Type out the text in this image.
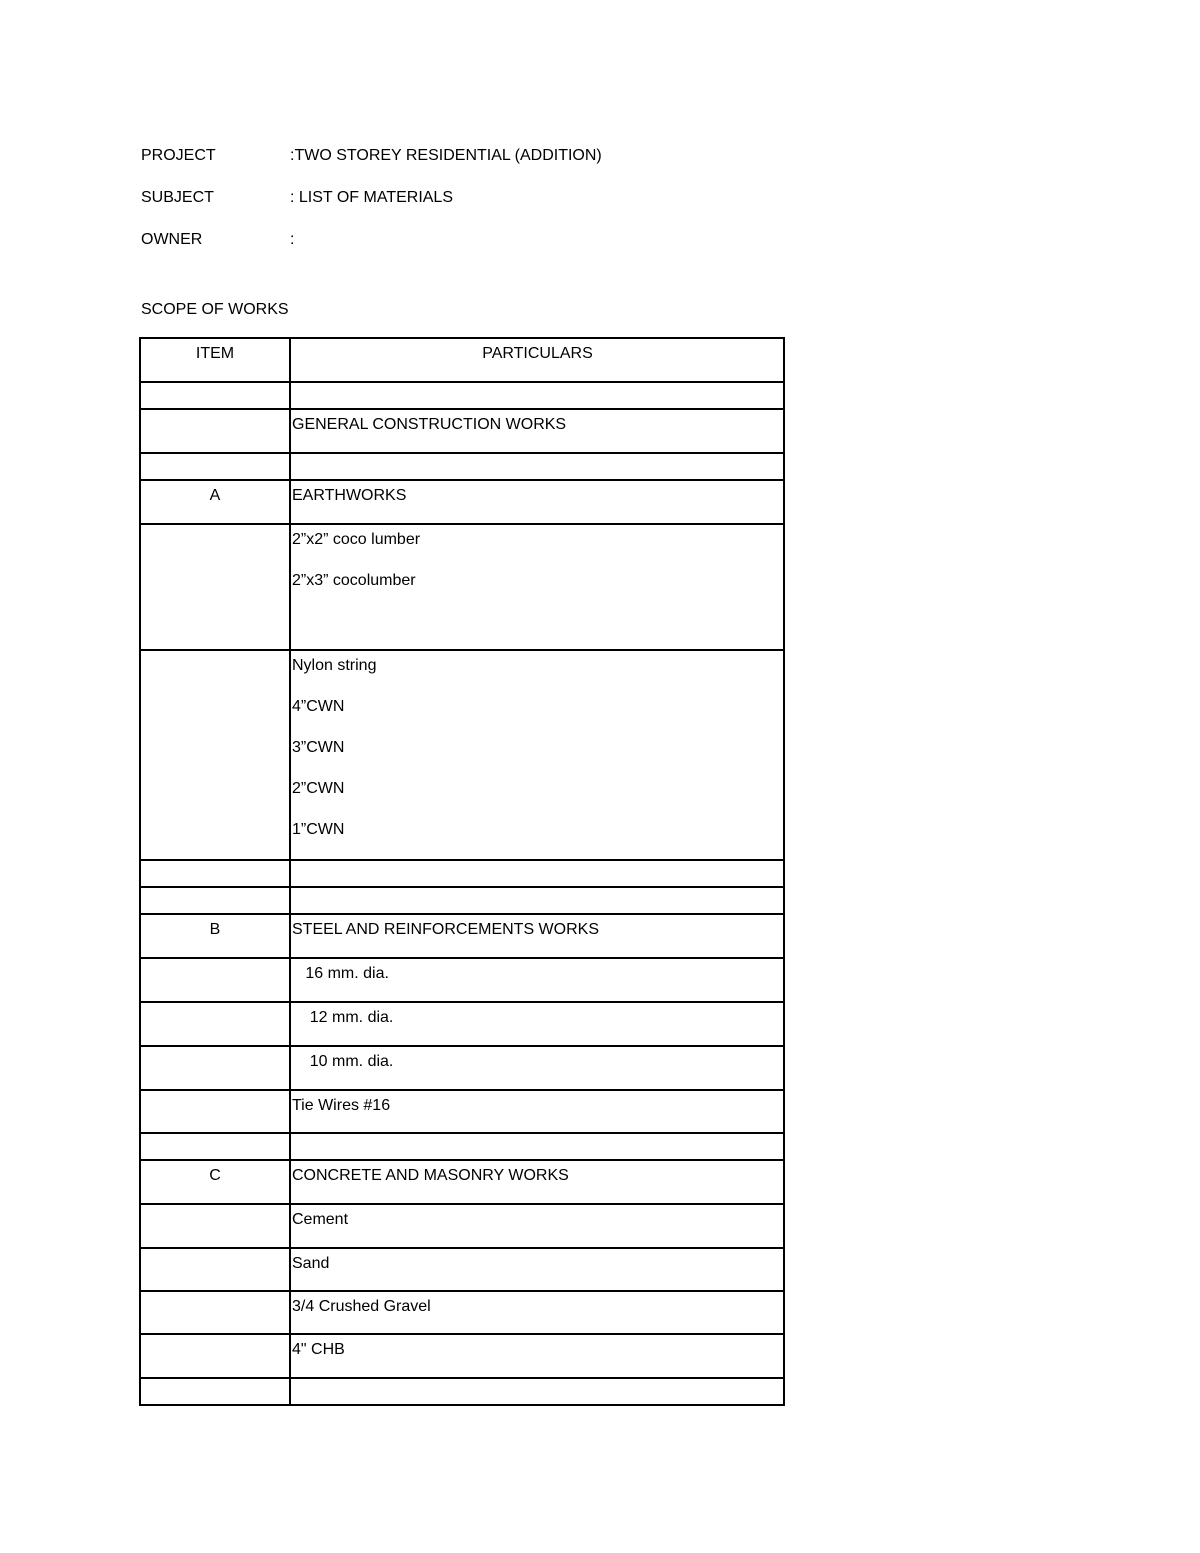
PROJECT	:TWO STOREY RESIDENTIAL (ADDITION)
SUBJECT	: LIST OF MATERIALS
OWNER	:
SCOPE OF WORKS
ITEM	PARTICULARS

	GENERAL CONSTRUCTION WORKS

A	EARTHWORKS

	2”x2” coco lumber
2”x3” cocolumber

	Nylon string
4”CWN
3”CWN
2”CWN
1”CWN

B	STEEL AND REINFORCEMENTS WORKS

	16 mm. dia.

	12 mm. dia.

	10 mm. dia.

	Tie Wires #16

C	CONCRETE AND MASONRY WORKS

	Cement

	Sand

	3/4 Crushed Gravel

	4" CHB
